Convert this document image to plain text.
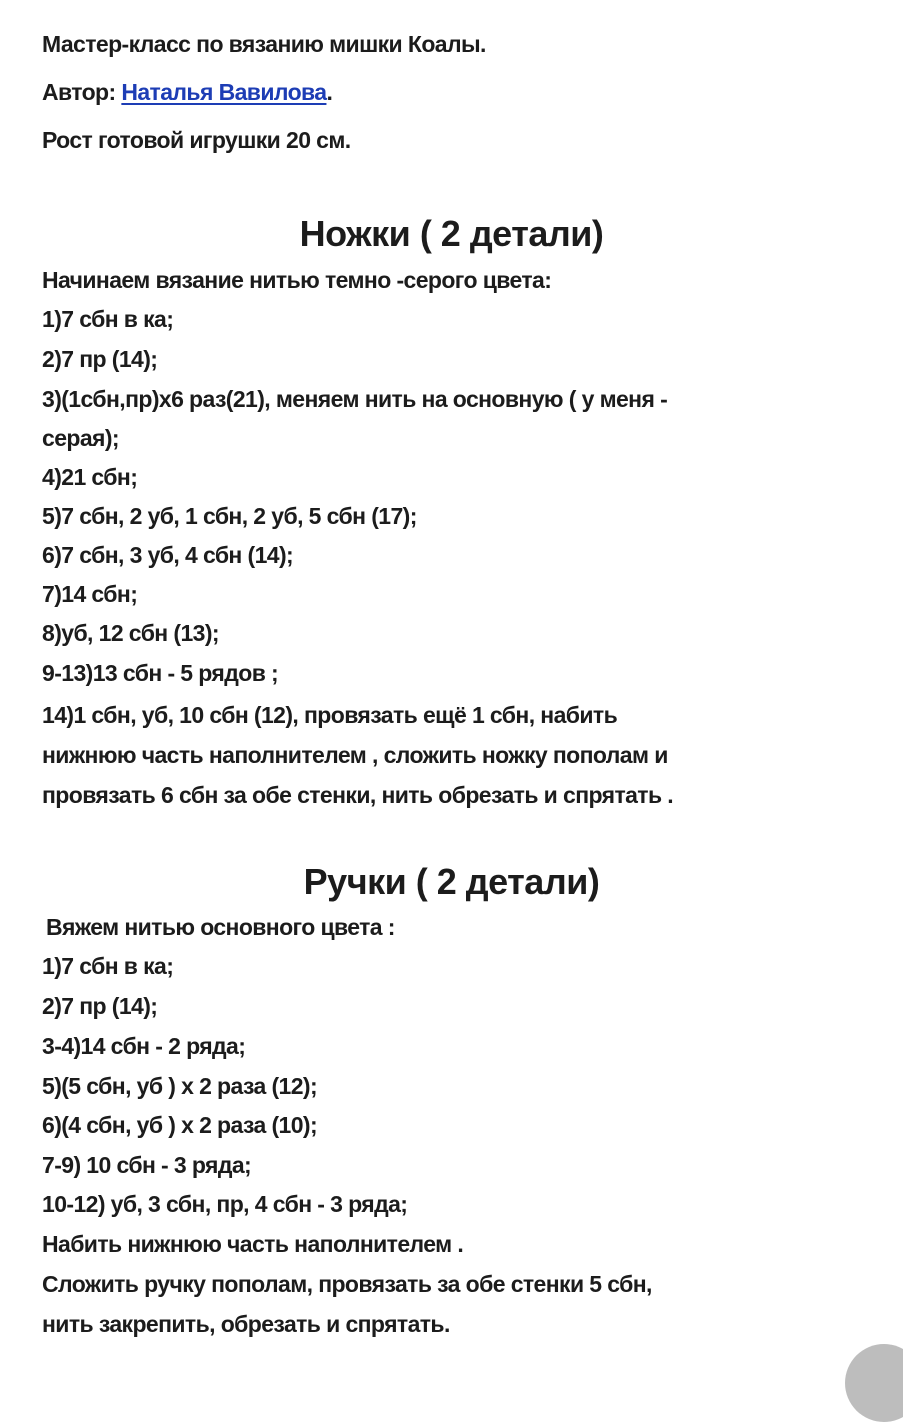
Мастер-класс по вязанию мишки Коалы.

Автор: Наталья Вавилова.

Рост готовой игрушки 20 см.

Ножки ( 2 детали)

Начинаем вязание нитью темно -серого цвета:

1)7 сбн в ка;

2)7 пр (14);

3)(1сбн,пр)х6 раз(21), меняем нить на основную ( у меня -

серая);

4)21 сбн;

5)7 сбн, 2 уб, 1 сбн, 2 уб, 5 сбн (17);

6)7 сбн, 3 уб, 4 сбн (14);

7)14 сбн;

8)уб, 12 сбн (13);

9-13)13 сбн - 5 рядов ;

14)1 сбн, уб, 10 сбн (12), провязать ещё 1 сбн, набить

нижнюю часть наполнителем , сложить ножку пополам и

провязать 6 сбн за обе стенки, нить обрезать и спрятать .

Ручки ( 2 детали)

Вяжем нитью основного цвета :

1)7 сбн в ка;

2)7 пр (14);

3-4)14 сбн - 2 ряда;

5)(5 сбн, уб ) х 2 раза (12);

6)(4 сбн, уб ) х 2 раза (10);

7-9) 10 сбн - 3 ряда;

10-12) уб, 3 сбн, пр, 4 сбн - 3 ряда;

Набить нижнюю часть наполнителем .

Сложить ручку пополам, провязать за обе стенки 5 сбн,

нить закрепить, обрезать и спрятать.
